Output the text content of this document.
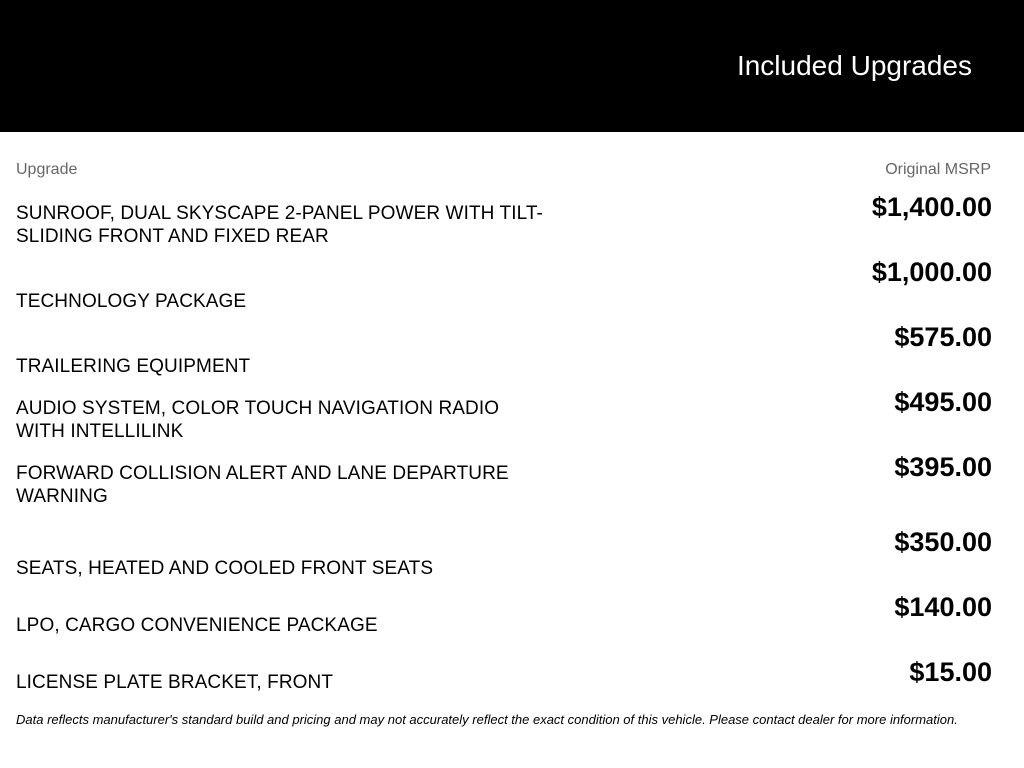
Included Upgrades
Upgrade	Original MSRP
SUNROOF, DUAL SKYSCAPE 2-PANEL POWER WITH TILT-SLIDING FRONT AND FIXED REAR
$1,400.00
TECHNOLOGY PACKAGE
$1,000.00
TRAILERING EQUIPMENT
$575.00
AUDIO SYSTEM, COLOR TOUCH NAVIGATION RADIO WITH INTELLILINK
$495.00
FORWARD COLLISION ALERT AND LANE DEPARTURE WARNING
$395.00
SEATS, HEATED AND COOLED FRONT SEATS
$350.00
LPO, CARGO CONVENIENCE PACKAGE
$140.00
LICENSE PLATE BRACKET, FRONT	$15.00
Data reflects manufacturer's standard build and pricing and may not accurately reflect the exact condition of this vehicle. Please contact dealer for more information.
